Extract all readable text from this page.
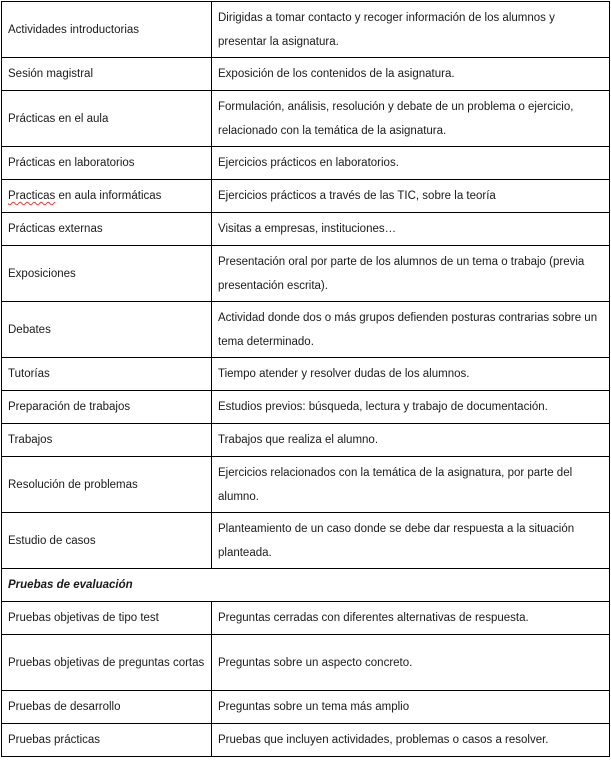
Actividades introductorias	Dirigidas a tomar contacto y recoger información de los alumnos y presentar la asignatura.
Sesión magistral	Exposición de los contenidos de la asignatura.
Prácticas en el aula	Formulación, análisis, resolución y debate de un problema o ejercicio, relacionado con la temática de la asignatura.
Prácticas en laboratorios	Ejercicios prácticos en laboratorios.
Practicas en aula informáticas	Ejercicios prácticos a través de las TIC, sobre la teoría
Prácticas externas	Visitas a empresas, instituciones…
Exposiciones	Presentación oral por parte de los alumnos de un tema o trabajo (previa presentación escrita).
Debates	Actividad donde dos o más grupos defienden posturas contrarias sobre un tema determinado.
Tutorías	Tiempo atender y resolver dudas de los alumnos.
Preparación de trabajos	Estudios previos: búsqueda, lectura y trabajo de documentación.
Trabajos	Trabajos que realiza el alumno.
Resolución de problemas	Ejercicios relacionados con la temática de la asignatura, por parte del alumno.
Estudio de casos	Planteamiento de un caso donde se debe dar respuesta a la situación planteada.
Pruebas de evaluación	
Pruebas objetivas de tipo test	Preguntas cerradas con diferentes alternativas de respuesta.
Pruebas objetivas de preguntas cortas	Preguntas sobre un aspecto concreto.
Pruebas de desarrollo	Preguntas sobre un tema más amplio
Pruebas prácticas	Pruebas que incluyen actividades, problemas o casos a resolver.
